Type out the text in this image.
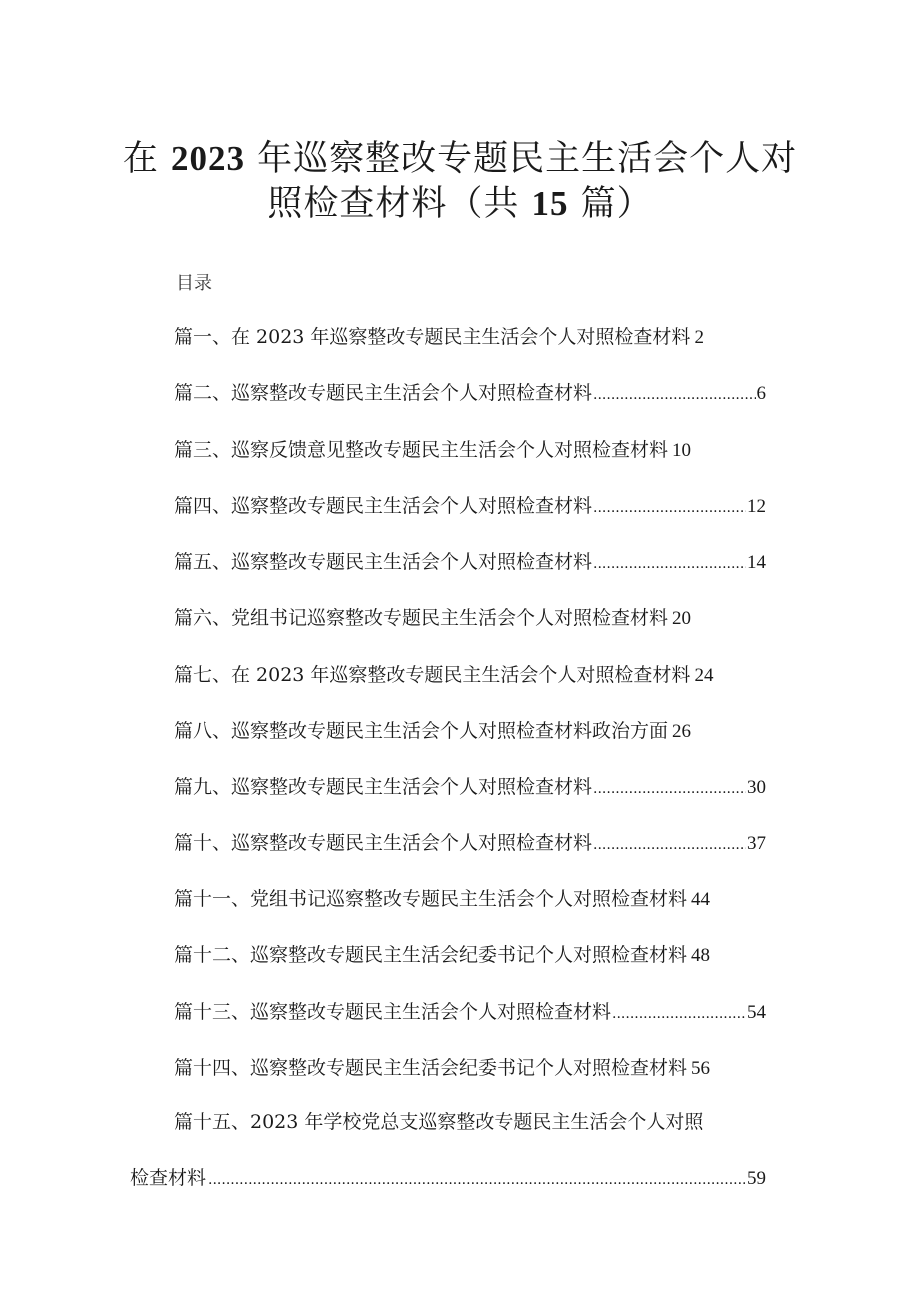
在 2023 年巡察整改专题民主生活会个人对
照检查材料（共 15 篇）
目录
篇一、在 2023 年巡察整改专题民主生活会个人对照检查材料 2
篇二、巡察整改专题民主生活会个人对照检查材料 .....	6
篇三、巡察反馈意见整改专题民主生活会个人对照检查材料 10
篇四、巡察整改专题民主生活会个人对照检查材料 .....	12
篇五、巡察整改专题民主生活会个人对照检查材料 .....	14
篇六、党组书记巡察整改专题民主生活会个人对照检查材料 20
篇七、在 2023 年巡察整改专题民主生活会个人对照检查材料 24
篇八、巡察整改专题民主生活会个人对照检查材料政治方面 26
篇九、巡察整改专题民主生活会个人对照检查材料 .....	30
篇十、巡察整改专题民主生活会个人对照检查材料 .....	37
篇十一、党组书记巡察整改专题民主生活会个人对照检查材料 44
篇十二、巡察整改专题民主生活会纪委书记个人对照检查材料 48
篇十三、巡察整改专题民主生活会个人对照检查材料 .....	54
篇十四、巡察整改专题民主生活会纪委书记个人对照检查材料 56
篇十五、2023 年学校党总支巡察整改专题民主生活会个人对照
检查材料 .....	59
